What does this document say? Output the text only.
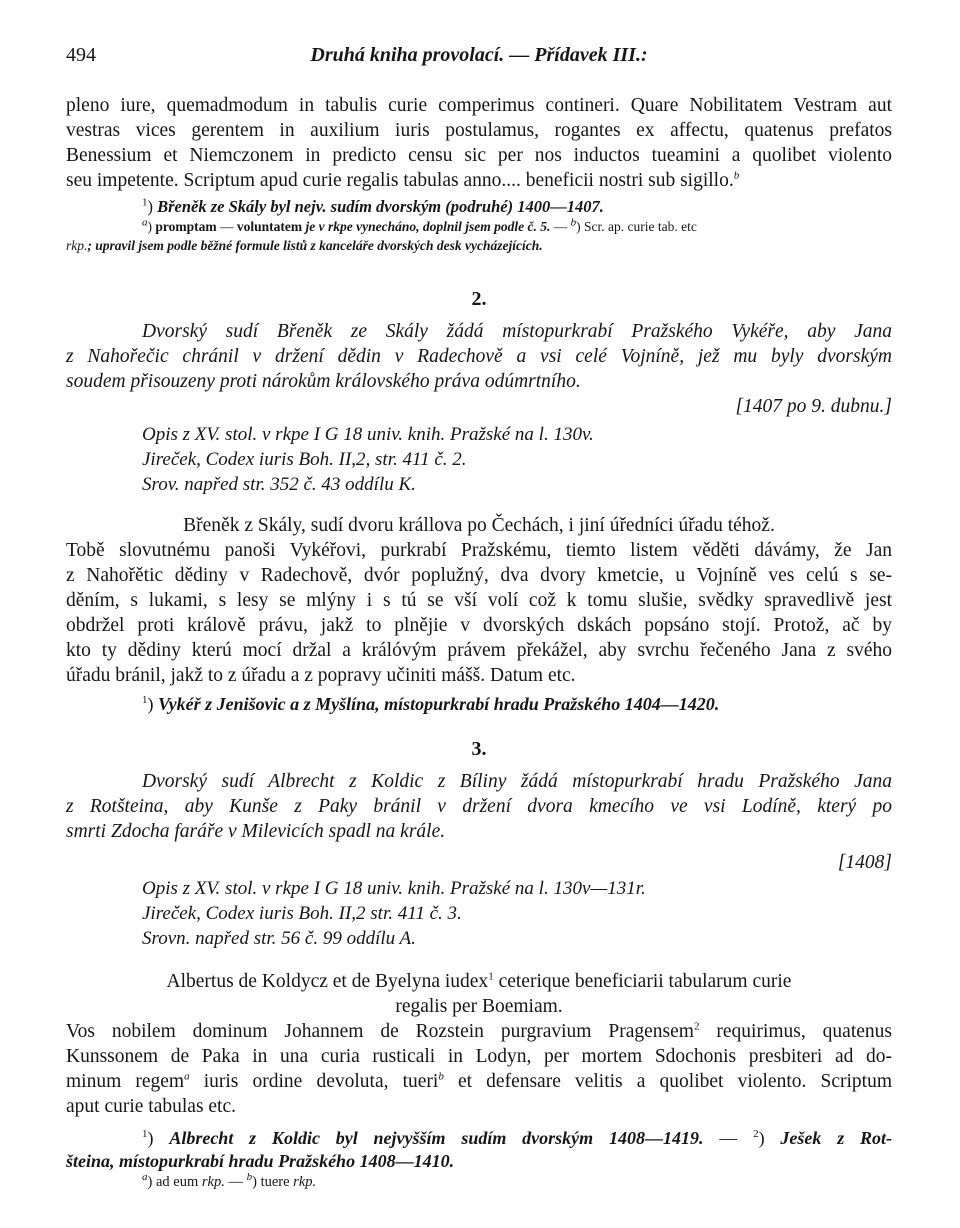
494	Druhá kniha provolací. — Přídavek III.:

pleno iure, quemadmodum in tabulis curie comperimus contineri. Quare Nobilitatem Vestram aut
vestras vices gerentem in auxilium iuris postulamus, rogantes ex affectu, quatenus prefatos
Benessium et Niemczonem in predicto censu sic per nos inductos tueamini a quolibet violento
seu impetente. Scriptum apud curie regalis tabulas anno.... beneficii nostri sub sigillo.$^b$

$^1$) Břeněk ze Skály byl nejv. sudím dvorským (podruhé) 1400—1407.

$^a$) promptam — voluntatem je v rkpe vynecháno, doplnil jsem podle č. 5. — $^b$) Scr. ap. curie tab. etc

rkp.; upravil jsem podle běžné formule listů z kanceláře dvorských desk vycházejících.

2.

Dvorský sudí Břeněk ze Skály žádá místopurkrabí Pražského Vykéře, aby Jana
z Nahořečic chránil v držení dědin v Radechově a vsi celé Vojníně, jež mu byly dvorským
soudem přisouzeny proti nárokům královského práva odúmrtního.

[1407 po 9. dubnu.]

Opis z XV. stol. v rkpe I G 18 univ. knih. Pražské na l. 130v.

Jireček, Codex iuris Boh. II,2, str. 411 č. 2.

Srov. napřed str. 352 č. 43 oddílu K.

Břeněk z Skály, sudí dvoru krállova po Čechách, i jiní úředníci úřadu téhož.

Tobě slovutnému panoši Vykéřovi, purkrabí Pražskému, tiemto listem věděti dávámy, že Jan
z Nahořětic dědiny v Radechově, dvór poplužný, dva dvory kmetcie, u Vojníně ves celú s se-
děním, s lukami, s lesy se mlýny i s tú se vší volí což k tomu slušie, svědky spravedlivě jest
obdržel proti králově právu, jakž to plnějie v dvorských dskách popsáno stojí. Protož, ač by
kto ty dědiny kterú mocí držal a králóvým právem překážel, aby svrchu řečeného Jana z svého
úřadu bránil, jakž to z úřadu a z popravy učiniti mášš. Datum etc.

$^1$) Vykéř z Jenišovic a z Myšlína, místopurkrabí hradu Pražského 1404—1420.

3.

Dvorský sudí Albrecht z Koldic z Bíliny žádá místopurkrabí hradu Pražského Jana
z Rotšteina, aby Kunše z Paky bránil v držení dvora kmecího ve vsi Lodíně, který po
smrti Zdocha faráře v Milevicích spadl na krále.

[1408]

Opis z XV. stol. v rkpe I G 18 univ. knih. Pražské na l. 130v—131r.

Jireček, Codex iuris Boh. II,2 str. 411 č. 3.

Srovn. napřed str. 56 č. 99 oddílu A.

Albertus de Koldycz et de Byelyna iudex$^1$ ceterique beneficiarii tabularum curie
regalis per Boemiam.

Vos nobilem dominum Johannem de Rozstein purgravium Pragensem$^2$ requirimus, quatenus
Kunssonem de Paka in una curia rusticali in Lodyn, per mortem Sdochonis presbiteri ad do-
minum regem$^a$ iuris ordine devoluta, tueri$^b$ et defensare velitis a quolibet violento. Scriptum
aput curie tabulas etc.

$^1$) Albrecht z Koldic byl nejvyšším sudím dvorským 1408—1419. — $^2$) Ješek z Rot-

šteina, místopurkrabí hradu Pražského 1408—1410.

$^a$) ad eum rkp. — $^b$) tuere rkp.
